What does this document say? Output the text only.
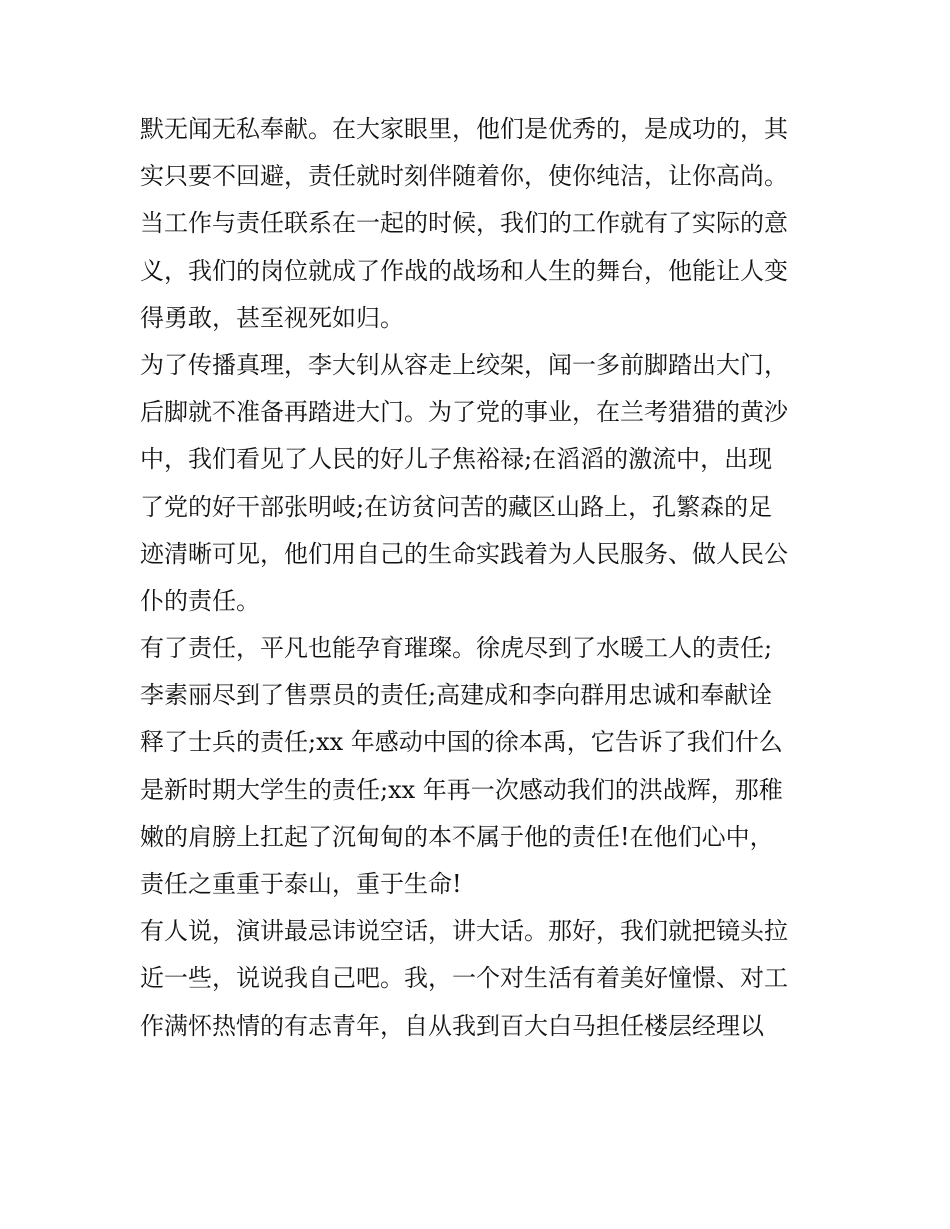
默无闻无私奉献。在大家眼里，他们是优秀的，是成功的，其
实只要不回避，责任就时刻伴随着你，使你纯洁，让你高尚。
当工作与责任联系在一起的时候，我们的工作就有了实际的意
义，我们的岗位就成了作战的战场和人生的舞台，他能让人变
得勇敢，甚至视死如归。
为了传播真理，李大钊从容走上绞架，闻一多前脚踏出大门，
后脚就不准备再踏进大门。为了党的事业，在兰考猎猎的黄沙
中，我们看见了人民的好儿子焦裕禄;在滔滔的激流中，出现
了党的好干部张明岐;在访贫问苦的藏区山路上，孔繁森的足
迹清晰可见，他们用自己的生命实践着为人民服务、做人民公
仆的责任。
有了责任，平凡也能孕育璀璨。徐虎尽到了水暖工人的责任;
李素丽尽到了售票员的责任;高建成和李向群用忠诚和奉献诠
释了士兵的责任;xx 年感动中国的徐本禹，它告诉了我们什么
是新时期大学生的责任;xx 年再一次感动我们的洪战辉，那稚
嫩的肩膀上扛起了沉甸甸的本不属于他的责任!在他们心中，
责任之重重于泰山，重于生命!
有人说，演讲最忌讳说空话，讲大话。那好，我们就把镜头拉
近一些，说说我自己吧。我，一个对生活有着美好憧憬、对工
作满怀热情的有志青年，自从我到百大白马担任楼层经理以
